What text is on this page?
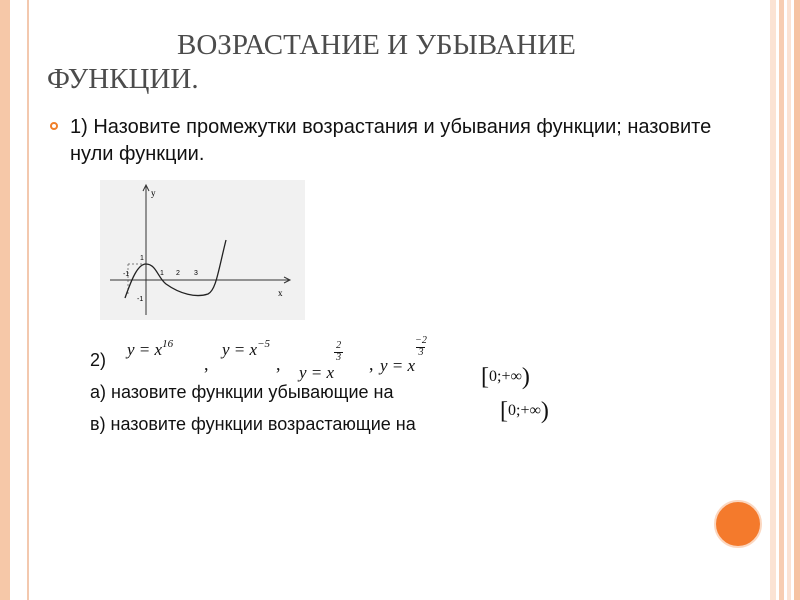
ВОЗРАСТАНИЕ И УБЫВАНИЕ
ФУНКЦИИ.
1) Назовите промежутки возрастания и убывания функции; назовите нули функции.
y
x
1
-1	1 2 3
-1
2)
$y = x^{16}$
,
$y = x^{-5}$
, $y = x\frac{2}{3}$
, y = x−2
3
а) назовите функции убывающие на
[0;+∞)
в) назовите функции возрастающие на	[0;+∞)
